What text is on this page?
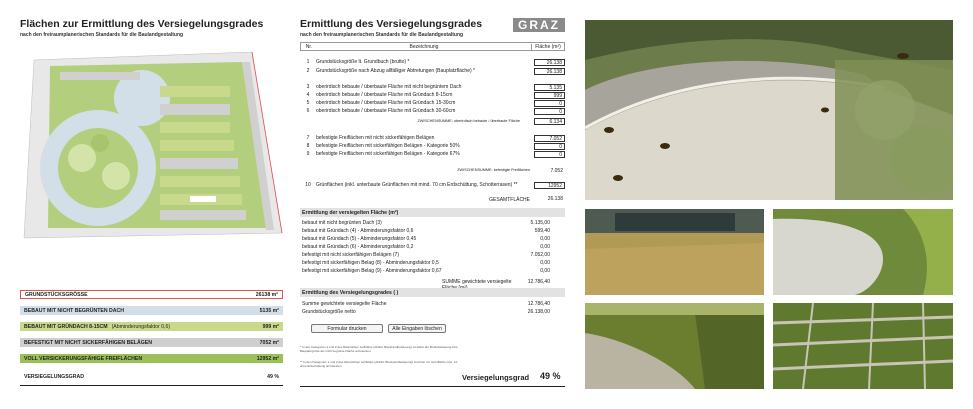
Flächen zur Ermittlung des Versiegelungsgrades
nach den freiraumplanerischen Standards für die Baulandgestaltung
GRUNDSTÜCKSGRÖSSE	26138 m²
BEBAUT MIT NICHT BEGRÜNTEN DACH	5135 m²
BEBAUT MIT GRÜNDACH 8-15CM (Abminderungsfaktor 0,6)	999 m²
BEFESTIGT MIT NICHT SICKERFÄHIGEN BELÄGEN	7052 m²
VOLL VERSICKERUNGSFÄHIGE FREIFLÄCHEN	12952 m²
VERSIEGELUNGSGRAD	49 %
Ermittlung des Versiegelungsgrades
nach den freiraumplanerischen Standards für die Baulandgestaltung
GRAZ
Nr.	Bezeichnung	Fläche (m²)
1	Grundstücksgröße lt. Grundbuch (brutto) *	26.138
2	Grundstücksgröße nach Abzug allfälliger Abtretungen (Bauplatzfläche) *	26.138
3	oberirdisch bebaute / überbaute Fläche mit nicht begrüntem Dach	5.135
4	oberirdisch bebaute / überbaute Fläche mit Gründach 8-15cm	999
5	oberirdisch bebaute / überbaute Fläche mit Gründach 15-30cm	0
6	oberirdisch bebaute / überbaute Fläche mit Gründach 30-60cm	0
ZWISCHENSUMME: oberirdisch bebaute / überbaute Fläche	6.134
7	befestigte Freiflächen mit nicht sickerfähigen Belägen	7.052
8	befestigte Freiflächen mit sickerfähigen Belägen - Kategorie 50%	0
9	befestigte Freiflächen mit sickerfähigen Belägen - Kategorie 67%	0
ZWISCHENSUMME: befestigte Freiflächen	7.052
10	Grünflächen (inkl. unterbaute Grünflächen mit mind. 70 cm Erdschüttung, Schotterrasen) **	12952
GESAMTFLÄCHE	26.138
Ermittlung der versiegelten Fläche (m²)
bebaut mit nicht begrünten Dach (3)	5.135,00
bebaut mit Gründach (4) - Abminderungsfaktor 0,6	599,40
bebaut mit Gründach (5) - Abminderungsfaktor 0,45	0,00
bebaut mit Gründach (6) - Abminderungsfaktor 0,2	0,00
befestigt mit nicht sickerfähigen Belägen (7)	7.052,00
befestigt mit sickerfähigen Belag (8) - Abminderungsfaktor 0,5	0,00
befestigt mit sickerfähigen Belag (9) - Abminderungsfaktor 0,67	0,00
SUMME gewichtete versiegelte	12.786,40
Ermittlung des Versiegelungsgrades ( )
Summe gewichtete versiegelte Fläche	12.786,40
Grundstücksgröße netto	26.138,00
Formular drucken	Alle Eingaben löschen
* In den Kategorien 1 und 2 des Räumlichen Leitbildes (Abbild: Blockrandbebauung) ist dabei der Bruttobebauung bzw. Bauplatzgröße der nicht begrünte Fläche anzusetzen.
** In den Kategorien 1 und 2 des Räumlichen Leitbildes (Abbild: Blockrandbebauung) sind hier zur Grünfläche max. 10 ohne Erdschüttung anzusetzen.
Versiegelungsgrad 49 %
